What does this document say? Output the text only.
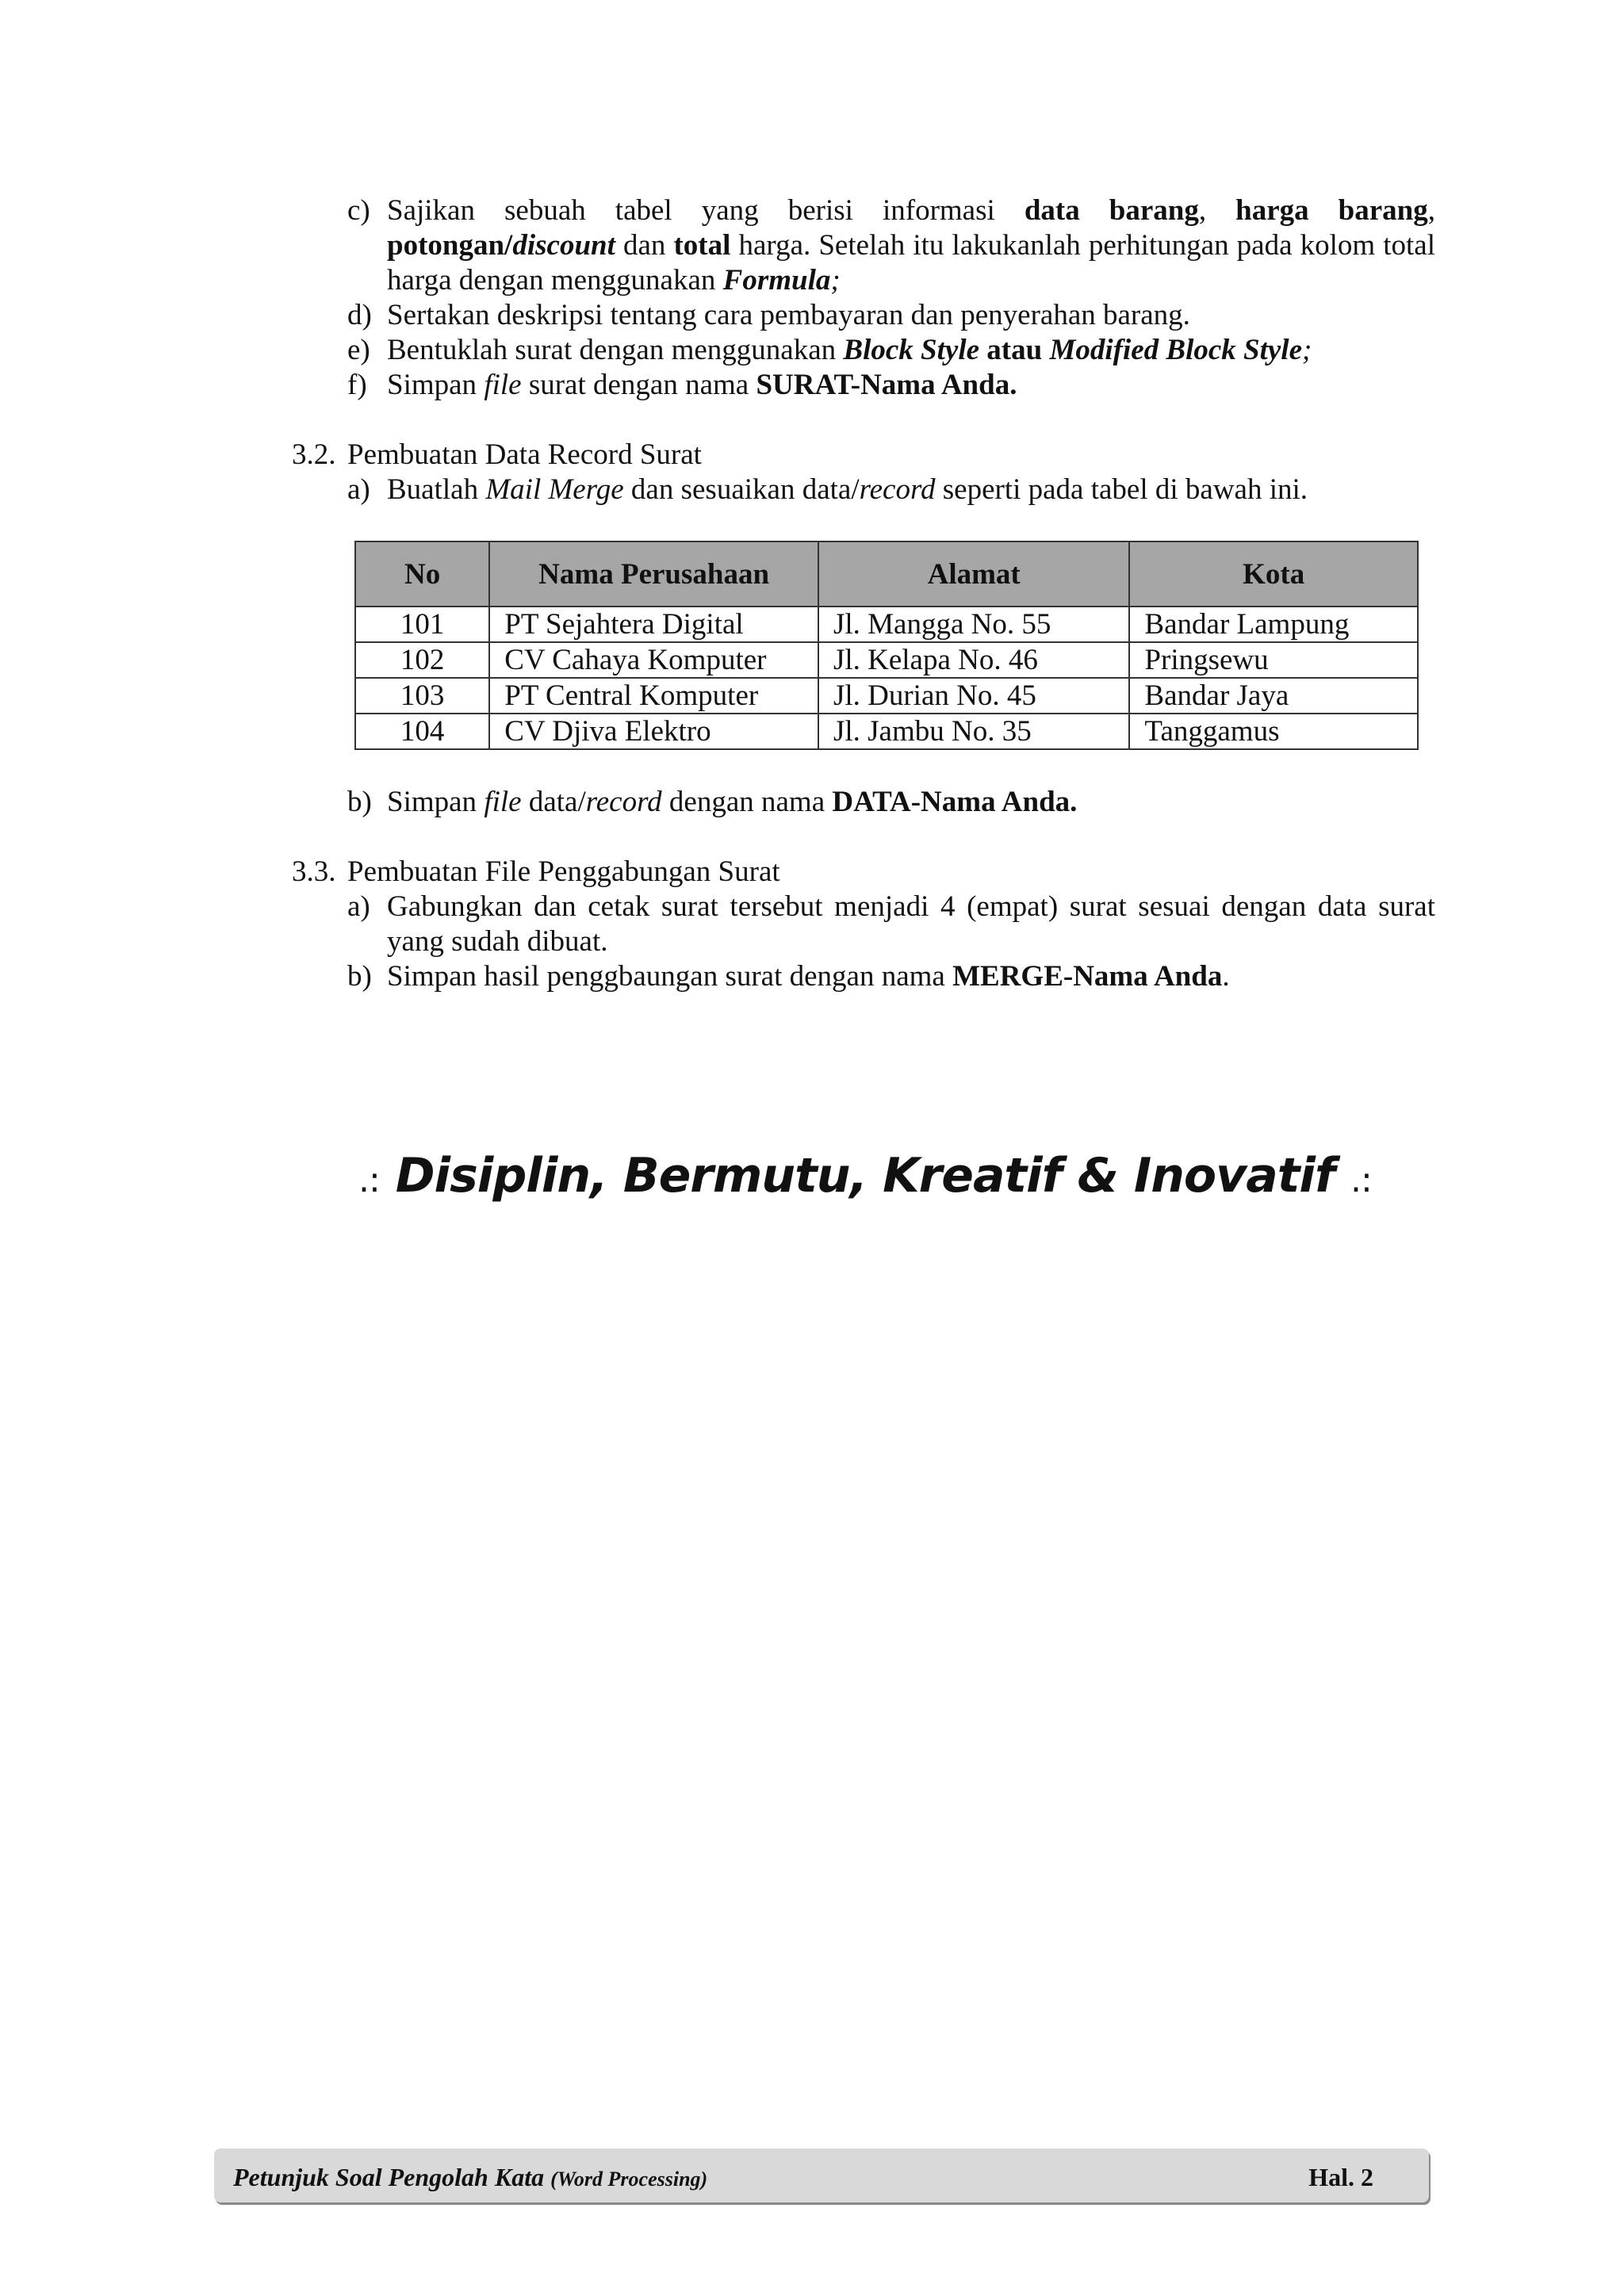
c) Sajikan sebuah tabel yang berisi informasi data barang, harga barang, potongan/discount dan total harga. Setelah itu lakukanlah perhitungan pada kolom total harga dengan menggunakan Formula;
d) Sertakan deskripsi tentang cara pembayaran dan penyerahan barang.
e) Bentuklah surat dengan menggunakan Block Style atau Modified Block Style;
f) Simpan file surat dengan nama SURAT-Nama Anda.
3.2. Pembuatan Data Record Surat
a) Buatlah Mail Merge dan sesuaikan data/record seperti pada tabel di bawah ini.
No	Nama Perusahaan	Alamat	Kota
101	PT Sejahtera Digital	Jl. Mangga No. 55	Bandar Lampung
102	CV Cahaya Komputer	Jl. Kelapa No. 46	Pringsewu
103	PT Central Komputer	Jl. Durian No. 45	Bandar Jaya
104	CV Djiva Elektro	Jl. Jambu No. 35	Tanggamus
b) Simpan file data/record dengan nama DATA-Nama Anda.
3.3. Pembuatan File Penggabungan Surat
a) Gabungkan dan cetak surat tersebut menjadi 4 (empat) surat sesuai dengan data surat yang sudah dibuat.
b) Simpan hasil penggbaungan surat dengan nama MERGE-Nama Anda.
.: Disiplin, Bermutu, Kreatif & Inovatif .:
Petunjuk Soal Pengolah Kata (Word Processing)	Hal. 2
